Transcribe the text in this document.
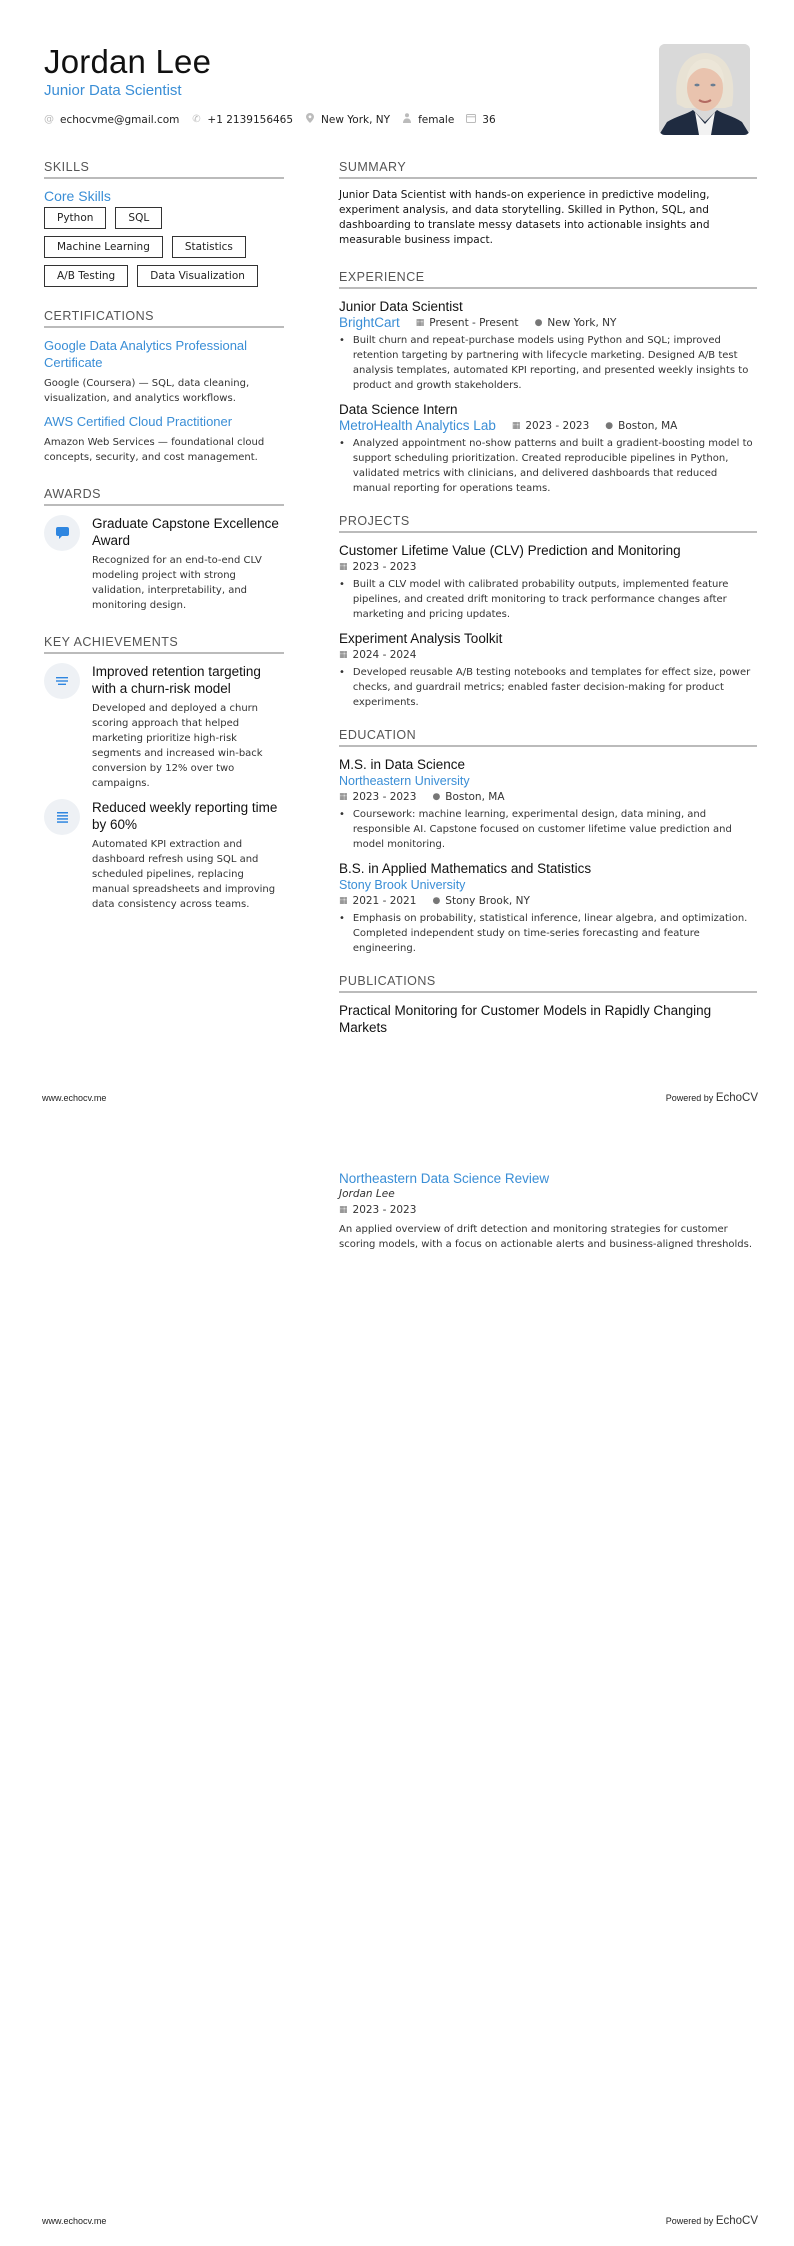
Jordan Lee
Junior Data Scientist
@ echocvme@gmail.com ✆ +1 2139156465	New York, NY	female	36
SKILLS
Core Skills
Python	SQL
Machine Learning	Statistics
A/B Testing	Data Visualization
CERTIFICATIONS
Google Data Analytics Professional Certificate
Google (Coursera) — SQL, data cleaning, visualization, and analytics workflows.
AWS Certified Cloud Practitioner
Amazon Web Services — foundational cloud concepts, security, and cost management.
AWARDS
Graduate Capstone Excellence Award
Recognized for an end-to-end CLV modeling project with strong validation, interpretability, and monitoring design.
KEY ACHIEVEMENTS
Improved retention targeting with a churn-risk model
Developed and deployed a churn scoring approach that helped marketing prioritize high-risk segments and increased win-back conversion by 12% over two campaigns.
Reduced weekly reporting time by 60%
Automated KPI extraction and dashboard refresh using SQL and scheduled pipelines, replacing manual spreadsheets and improving data consistency across teams.
SUMMARY
Junior Data Scientist with hands-on experience in predictive modeling, experiment analysis, and data storytelling. Skilled in Python, SQL, and dashboarding to translate messy datasets into actionable insights and measurable business impact.
EXPERIENCE
Junior Data Scientist
BrightCart ▦ Present - Present ● New York, NY
• Built churn and repeat-purchase models using Python and SQL; improved retention targeting by partnering with lifecycle marketing. Designed A/B test analysis templates, automated KPI reporting, and presented weekly insights to product and growth stakeholders.
Data Science Intern
MetroHealth Analytics Lab ▦ 2023 - 2023 ● Boston, MA
• Analyzed appointment no-show patterns and built a gradient-boosting model to support scheduling prioritization. Created reproducible pipelines in Python, validated metrics with clinicians, and delivered dashboards that reduced manual reporting for operations teams.
PROJECTS
Customer Lifetime Value (CLV) Prediction and Monitoring
▦ 2023 - 2023
• Built a CLV model with calibrated probability outputs, implemented feature pipelines, and created drift monitoring to track performance changes after marketing and pricing updates.
Experiment Analysis Toolkit
▦ 2024 - 2024
• Developed reusable A/B testing notebooks and templates for effect size, power checks, and guardrail metrics; enabled faster decision-making for product experiments.
EDUCATION
M.S. in Data Science
Northeastern University
▦ 2023 - 2023 ● Boston, MA
• Coursework: machine learning, experimental design, data mining, and responsible AI. Capstone focused on customer lifetime value prediction and model monitoring.
B.S. in Applied Mathematics and Statistics
Stony Brook University
▦ 2021 - 2021 ● Stony Brook, NY
• Emphasis on probability, statistical inference, linear algebra, and optimization. Completed independent study on time-series forecasting and feature engineering.
PUBLICATIONS
Practical Monitoring for Customer Models in Rapidly Changing Markets
www.echocv.me	Powered by EchoCV
Northeastern Data Science Review
Jordan Lee
▦ 2023 - 2023
An applied overview of drift detection and monitoring strategies for customer scoring models, with a focus on actionable alerts and business-aligned thresholds.
www.echocv.me	Powered by EchoCV
